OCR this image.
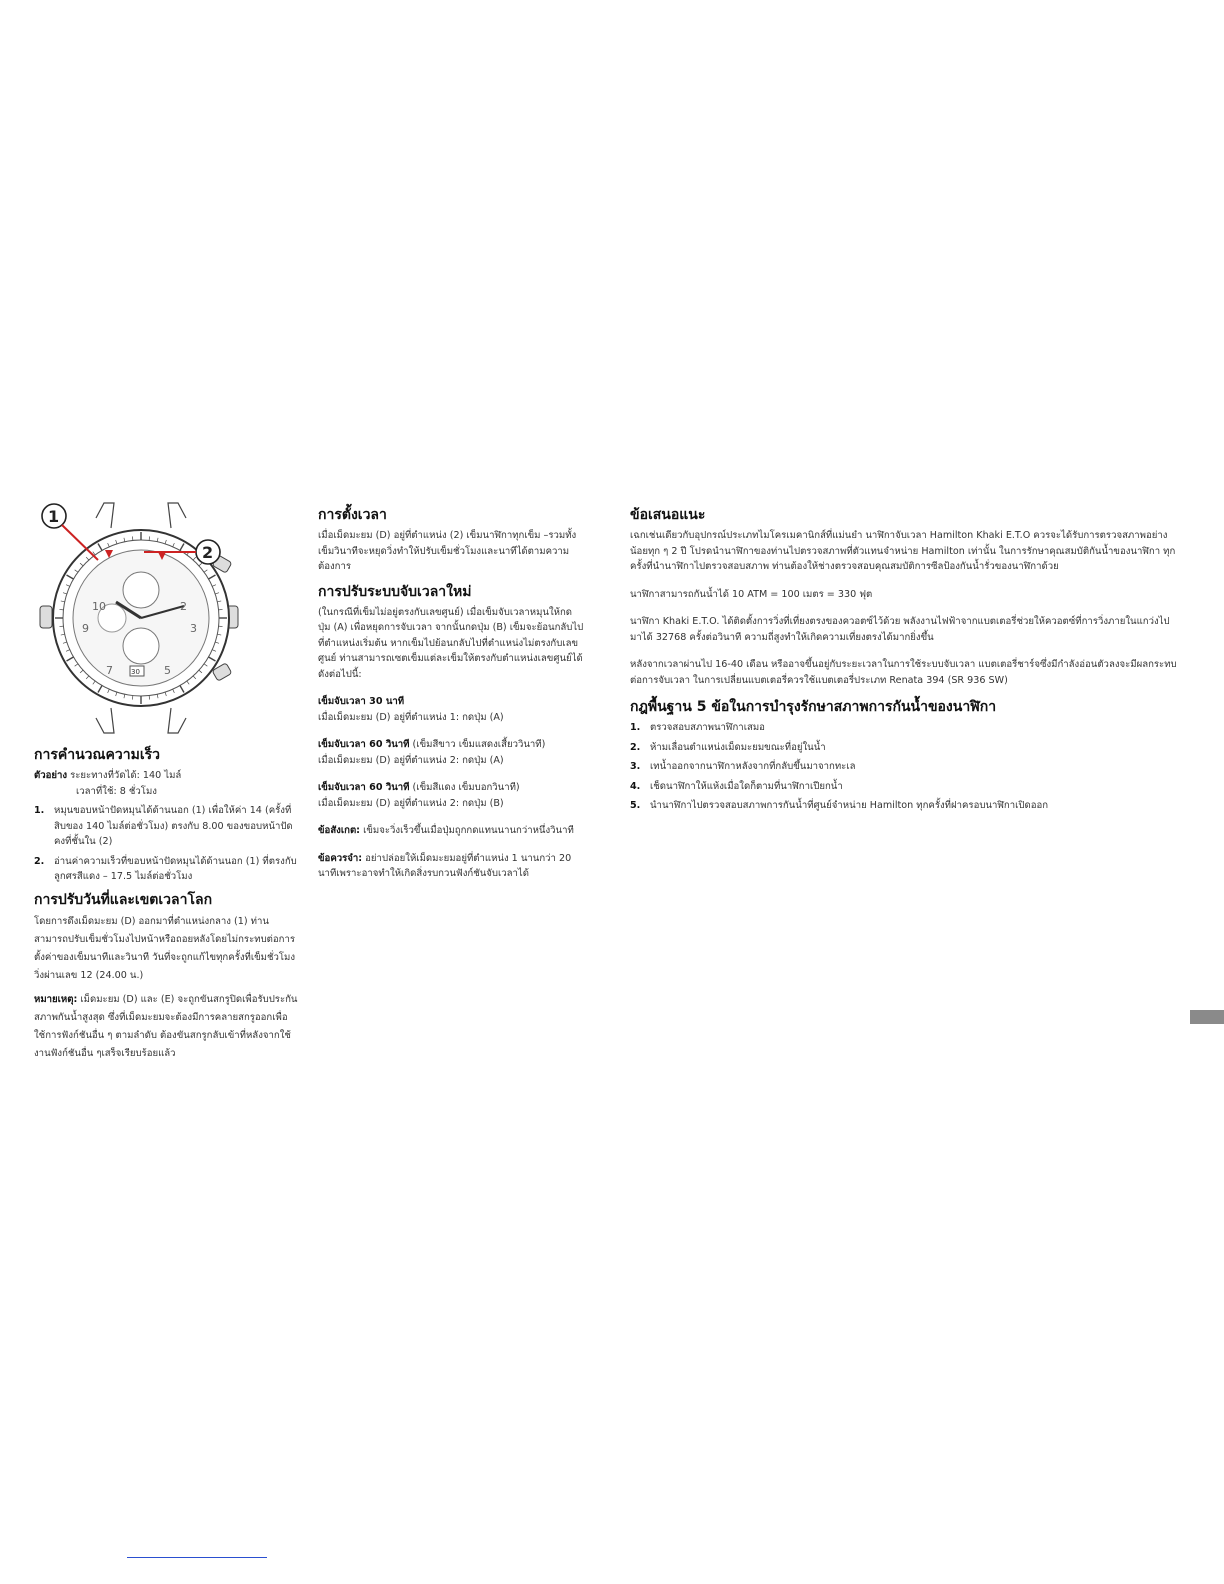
10	2
3
9
7	5
30
1
2
การคำนวณความเร็ว

ตัวอย่าง ระยะทางที่วัดได้: 140 ไมล์

เวลาที่ใช้: 8 ชั่วโมง

1. หมุนขอบหน้าปัดหมุนได้ด้านนอก (1) เพื่อให้ค่า 14 (ครั้งที่สิบของ 140 ไมล์ต่อชั่วโมง) ตรงกับ 8.00 ของขอบหน้าปัดคงที่ชั้นใน (2)
2. อ่านค่าความเร็วที่ขอบหน้าปัดหมุนได้ด้านนอก (1) ที่ตรงกับลูกศรสีแดง – 17.5 ไมล์ต่อชั่วโมง
การปรับวันที่และเขตเวลาโลก

โดยการดึงเม็ดมะยม (D) ออกมาที่ตำแหน่งกลาง (1) ท่านสามารถปรับเข็มชั่วโมงไปหน้าหรือถอยหลังโดยไม่กระทบต่อการตั้งค่าของเข็มนาทีและวินาที วันที่จะถูกแก้ไขทุกครั้งที่เข็มชั่วโมงวิ่งผ่านเลข 12 (24.00 น.)

หมายเหตุ: เม็ดมะยม (D) และ (E) จะถูกขันสกรูปิดเพื่อรับประกันสภาพกันน้ำสูงสุด ซึ่งที่เม็ดมะยมจะต้องมีการคลายสกรูออกเพื่อใช้การฟังก์ชันอื่น ๆ ตามลำดับ ต้องขันสกรูกลับเข้าที่หลังจากใช้งานฟังก์ชันอื่น ๆเสร็จเรียบร้อยแล้ว

การตั้งเวลา

เมื่อเม็ดมะยม (D) อยู่ที่ตำแหน่ง (2) เข็มนาฬิกาทุกเข็ม –รวมทั้งเข็มวินาทีจะหยุดวิ่งทำให้ปรับเข็มชั่วโมงและนาทีได้ตามความต้องการ

การปรับระบบจับเวลาใหม่

(ในกรณีที่เข็มไม่อยู่ตรงกับเลขศูนย์) เมื่อเข็มจับเวลาหมุนให้กดปุ่ม (A) เพื่อหยุดการจับเวลา จากนั้นกดปุ่ม (B) เข็มจะย้อนกลับไปที่ตำแหน่งเริ่มต้น หากเข็มไปย้อนกลับไปที่ตำแหน่งไม่ตรงกับเลขศูนย์ ท่านสามารถเซตเข็มแต่ละเข็มให้ตรงกับตำแหน่งเลขศูนย์ได้ดังต่อไปนี้:

เข็มจับเวลา 30 นาที

เมื่อเม็ดมะยม (D) อยู่ที่ตำแหน่ง 1: กดปุ่ม (A)

เข็มจับเวลา 60 วินาที (เข็มสีขาว เข็มแสดงเสี้ยววินาที)

เมื่อเม็ดมะยม (D) อยู่ที่ตำแหน่ง 2: กดปุ่ม (A)

เข็มจับเวลา 60 วินาที (เข็มสีแดง เข็มบอกวินาที)

เมื่อเม็ดมะยม (D) อยู่ที่ตำแหน่ง 2: กดปุ่ม (B)

ข้อสังเกต: เข็มจะวิ่งเร็วขึ้นเมื่อปุ่มถูกกดแทนนานกว่าหนึ่งวินาที

ข้อควรจำ: อย่าปล่อยให้เม็ดมะยมอยู่ที่ตำแหน่ง 1 นานกว่า 20 นาทีเพราะอาจทำให้เกิดสิ่งรบกวนฟังก์ชันจับเวลาได้

ข้อเสนอแนะ

เฉกเช่นเดียวกับอุปกรณ์ประเภทไมโครเมคานิกส์ที่แม่นยำ นาฬิกาจับเวลา Hamilton Khaki E.T.O ควรจะได้รับการตรวจสภาพอย่างน้อยทุก ๆ 2 ปี โปรดนำนาฬิกาของท่านไปตรวจสภาพที่ตัวแทนจำหน่าย Hamilton เท่านั้น ในการรักษาคุณสมบัติกันน้ำของนาฬิกา ทุกครั้งที่นำนาฬิกาไปตรวจสอบสภาพ ท่านต้องให้ช่างตรวจสอบคุณสมบัติการซีลป้องกันน้ำรั่วของนาฬิกาด้วย

นาฬิกาสามารถกันน้ำได้ 10 ATM = 100 เมตร = 330 ฟุต

นาฬิกา Khaki E.T.O. ได้ติดตั้งการวิ่งที่เที่ยงตรงของควอตซ์ไว้ด้วย พลังงานไฟฟ้าจากแบตเตอรี่ช่วยให้ควอตซ์ที่การวิ่งภายในแกว่งไปมาได้ 32768 ครั้งต่อวินาที ความถี่สูงทำให้เกิดความเที่ยงตรงได้มากยิ่งขึ้น

หลังจากเวลาผ่านไป 16-40 เดือน หรืออาจขึ้นอยู่กับระยะเวลาในการใช้ระบบจับเวลา แบตเตอรี่ชาร์จซึ่งมีกำลังอ่อนตัวลงจะมีผลกระทบต่อการจับเวลา ในการเปลี่ยนแบตเตอรี่ควรใช้แบตเตอรี่ประเภท Renata 394 (SR 936 SW)

กฎพื้นฐาน 5 ข้อในการบำรุงรักษาสภาพการกันน้ำของนาฬิกา
1. ตรวจสอบสภาพนาฬิกาเสมอ
2. ห้ามเลื่อนตำแหน่งเม็ดมะยมขณะที่อยู่ในน้ำ
3. เทน้ำออกจากนาฬิกาหลังจากที่กลับขึ้นมาจากทะเล
4. เช็ดนาฬิกาให้แห้งเมื่อใดก็ตามที่นาฬิกาเปียกน้ำ
5. นำนาฬิกาไปตรวจสอบสภาพการกันน้ำที่ศูนย์จำหน่าย Hamilton ทุกครั้งที่ฝาครอบนาฬิกาเปิดออก
